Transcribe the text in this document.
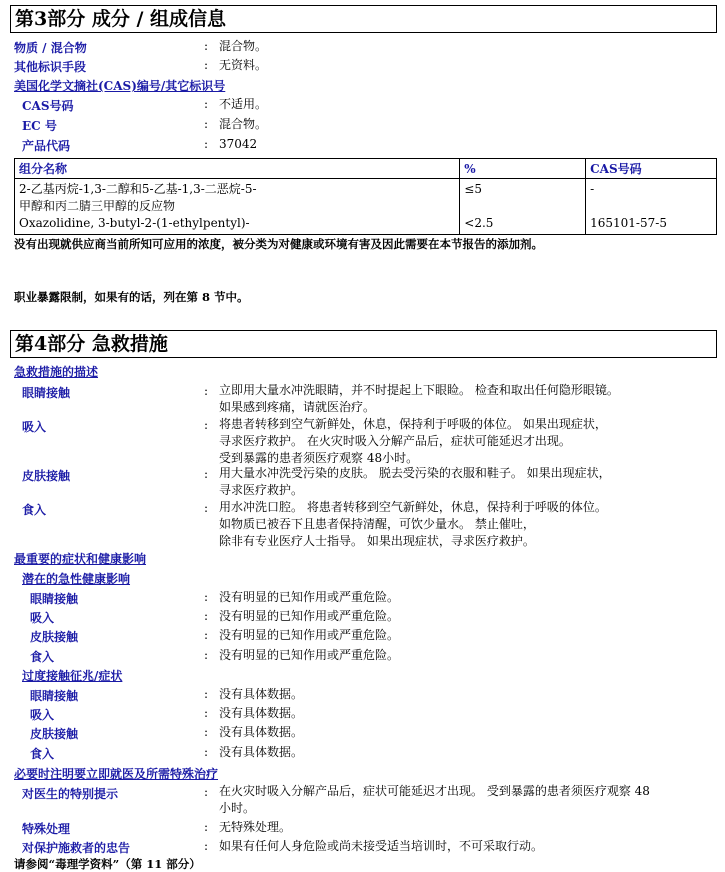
第3部分 成分 / 组成信息
物质 / 混合物	: 混合物。
其他标识手段	: 无资料。
美国化学文摘社(CAS)编号/其它标识号
CAS号码	: 不适用。
EC 号	: 混合物。
产品代码	: 37042
组分名称	%	CAS号码

2-乙基丙烷-1,3-二醇和5-乙基-1,3-二恶烷-5-
甲醇和丙二腈三甲醇的反应物	≤5	-

Oxazolidine, 3-butyl-2-(1-ethylpentyl)-	<2.5	165101-57-5
没有出现就供应商当前所知可应用的浓度，被分类为对健康或环境有害及因此需要在本节报告的添加剂。
职业暴露限制，如果有的话，列在第 8 节中。
第4部分 急救措施
急救措施的描述
眼睛接触	: 立即用大量水冲洗眼睛，并不时提起上下眼睑。 检查和取出任何隐形眼镜。
如果感到疼痛，请就医治疗。
吸入	: 将患者转移到空气新鲜处，休息，保持利于呼吸的体位。 如果出现症状，
寻求医疗救护。 在火灾时吸入分解产品后，症状可能延迟才出现。
受到暴露的患者须医疗观察 48小时。
皮肤接触	: 用大量水冲洗受污染的皮肤。 脱去受污染的衣服和鞋子。 如果出现症状，
寻求医疗救护。
食入	: 用水冲洗口腔。 将患者转移到空气新鲜处，休息，保持利于呼吸的体位。
如物质已被吞下且患者保持清醒，可饮少量水。 禁止催吐，
除非有专业医疗人士指导。 如果出现症状，寻求医疗救护。
最重要的症状和健康影响
潜在的急性健康影响
眼睛接触	: 没有明显的已知作用或严重危险。
吸入	: 没有明显的已知作用或严重危险。
皮肤接触	: 没有明显的已知作用或严重危险。
食入	: 没有明显的已知作用或严重危险。
过度接触征兆/症状
眼睛接触	: 没有具体数据。
吸入	: 没有具体数据。
皮肤接触	: 没有具体数据。
食入	: 没有具体数据。
必要时注明要立即就医及所需特殊治疗
对医生的特别提示	: 在火灾时吸入分解产品后，症状可能延迟才出现。 受到暴露的患者须医疗观察 48
小时。
特殊处理	: 无特殊处理。
对保护施救者的忠告	: 如果有任何人身危险或尚未接受适当培训时，不可采取行动。
请参阅“毒理学资料”（第 11 部分）
